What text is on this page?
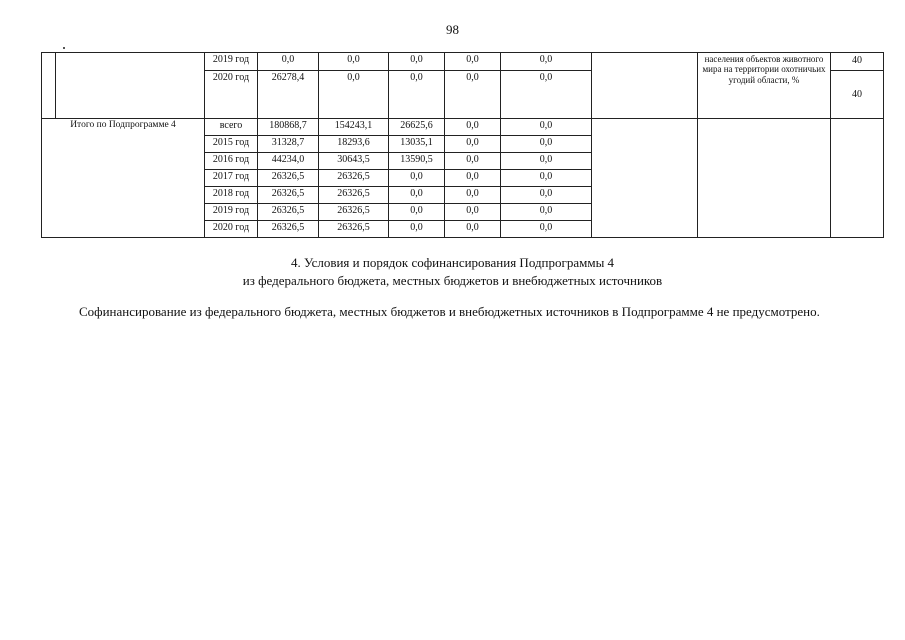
98
		2019 год	0,0	0,0	0,0	0,0	0,0		населения объектов животного мира на территории охотничьих угодий области, %	40
		2020 год	26278,4	0,0	0,0	0,0	0,0			40
Итого по Подпрограмме 4		всего	180868,7	154243,1	26625,6	0,0	0,0			
		2015 год	31328,7	18293,6	13035,1	0,0	0,0			
		2016 год	44234,0	30643,5	13590,5	0,0	0,0			
		2017 год	26326,5	26326,5	0,0	0,0	0,0			
		2018 год	26326,5	26326,5	0,0	0,0	0,0			
		2019 год	26326,5	26326,5	0,0	0,0	0,0			
		2020 год	26326,5	26326,5	0,0	0,0	0,0			
4. Условия и порядок софинансирования Подпрограммы 4
из федерального бюджета, местных бюджетов и внебюджетных источников
Софинансирование из федерального бюджета, местных бюджетов и внебюджетных источников в Подпрограмме 4 не предусмотрено.
